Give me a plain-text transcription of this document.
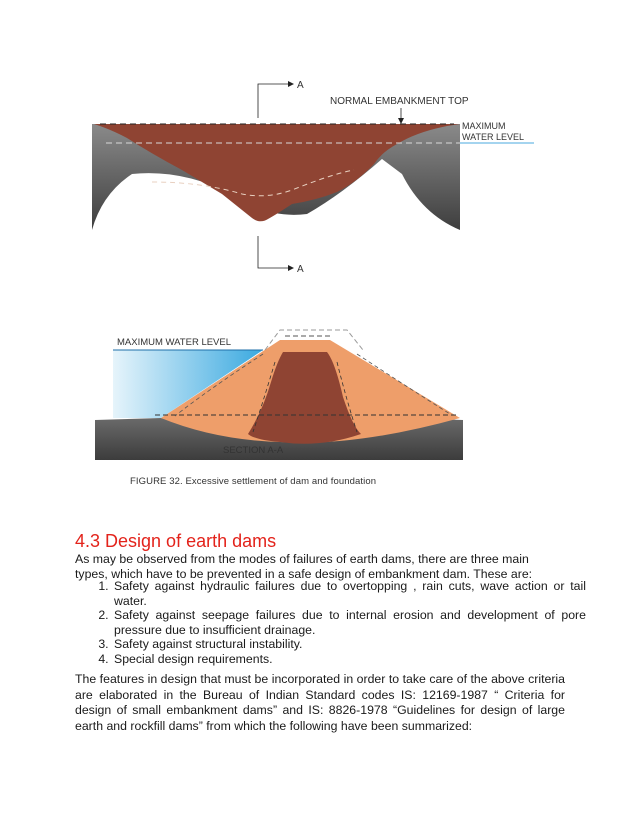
A
A
NORMAL EMBANKMENT TOP
MAXIMUM
WATER LEVEL
MAXIMUM WATER LEVEL
SECTION A-A
FIGURE 32. Excessive settlement of dam and foundation
4.3 Design of earth dams

As may be observed from the modes of failures of earth dams, there are three main types, which have to be prevented in a safe design of embankment dam. These are:

1. Safety against hydraulic failures due to overtopping , rain cuts, wave action or tail water.
2. Safety against seepage failures due to internal erosion and development of pore pressure due to insufficient drainage.
3. Safety against structural instability.
4. Special design requirements.

The features in design that must be incorporated in order to take care of the above criteria are elaborated in the Bureau of Indian Standard codes IS: 12169-1987 “ Criteria for design of small embankment dams” and IS: 8826-1978 “Guidelines for design of large earth and rockfill dams” from which the following have been summarized:
